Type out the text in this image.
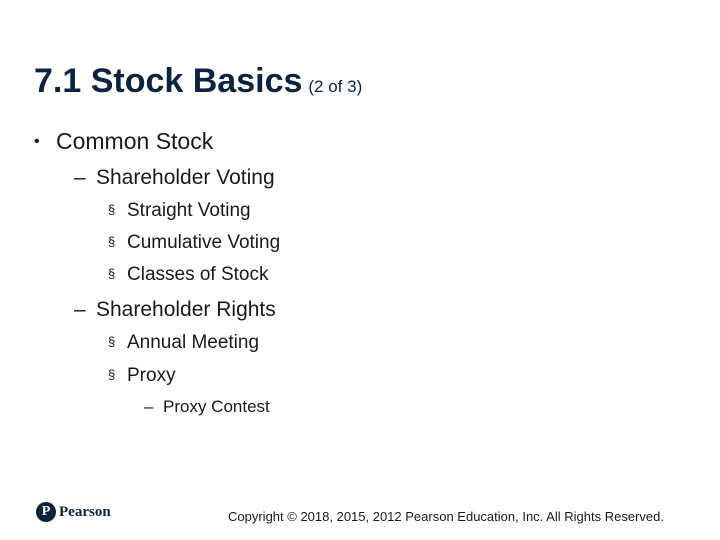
7.1 Stock Basics (2 of 3)
• Common Stock
– Shareholder Voting
§ Straight Voting
§ Cumulative Voting
§ Classes of Stock
– Shareholder Rights
§ Annual Meeting
§ Proxy
– Proxy Contest
P Pearson	Copyright © 2018, 2015, 2012 Pearson Education, Inc. All Rights Reserved.
